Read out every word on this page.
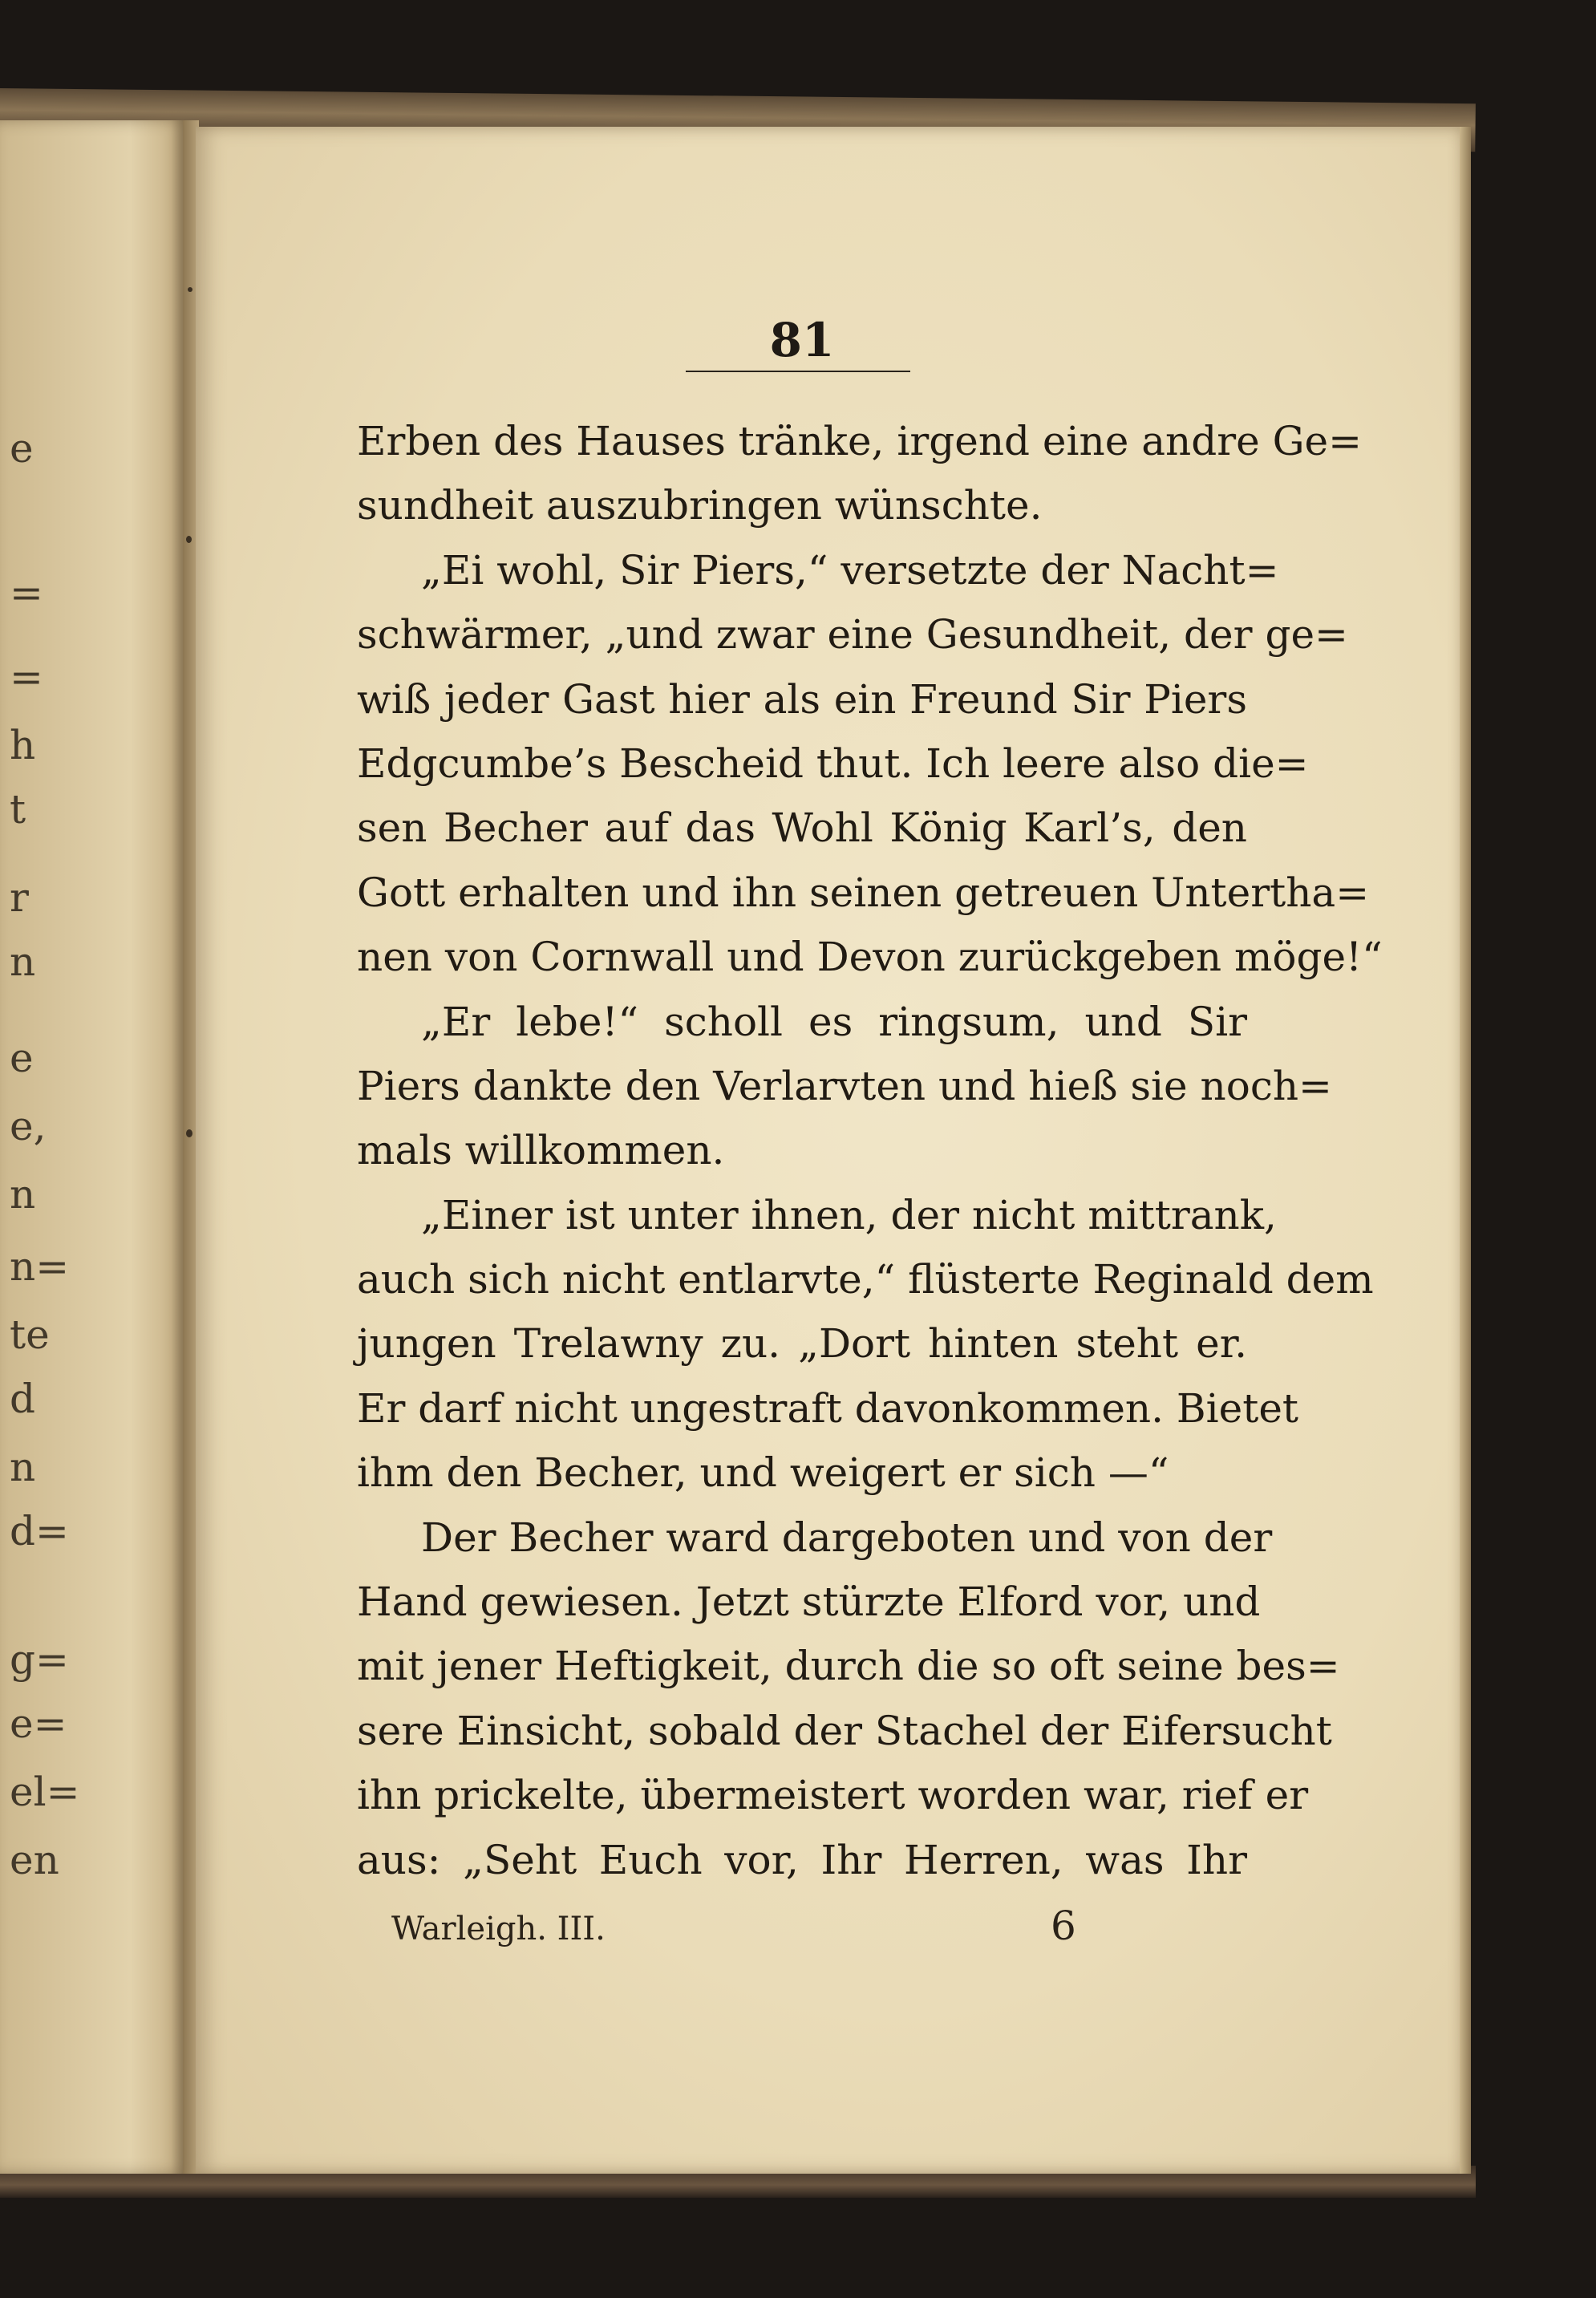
e
=
=
h
t
r
n
e
e,
n
n=
te
d
n
d=
g=
e=
el=
en
81
Erben des Hauses tränke, irgend eine andre Ge=
sundheit auszubringen wünschte.
„Ei wohl, Sir Piers,“ versetzte der Nacht=
schwärmer, „und zwar eine Gesundheit, der ge=
wiß jeder Gast hier als ein Freund Sir Piers
Edgcumbe’s Bescheid thut. Ich leere also die=
sen Becher auf das Wohl König Karl’s, den
Gott erhalten und ihn seinen getreuen Untertha=
nen von Cornwall und Devon zurückgeben möge!“
„Er lebe!“ scholl es ringsum, und Sir
Piers dankte den Verlarvten und hieß sie noch=
mals willkommen.
„Einer ist unter ihnen, der nicht mittrank,
auch sich nicht entlarvte,“ flüsterte Reginald dem
jungen Trelawny zu. „Dort hinten steht er.
Er darf nicht ungestraft davonkommen. Bietet
ihm den Becher, und weigert er sich —“
Der Becher ward dargeboten und von der
Hand gewiesen. Jetzt stürzte Elford vor, und
mit jener Heftigkeit, durch die so oft seine bes=
sere Einsicht, sobald der Stachel der Eifersucht
ihn prickelte, übermeistert worden war, rief er
aus: „Seht Euch vor, Ihr Herren, was Ihr
Warleigh. III.	6
